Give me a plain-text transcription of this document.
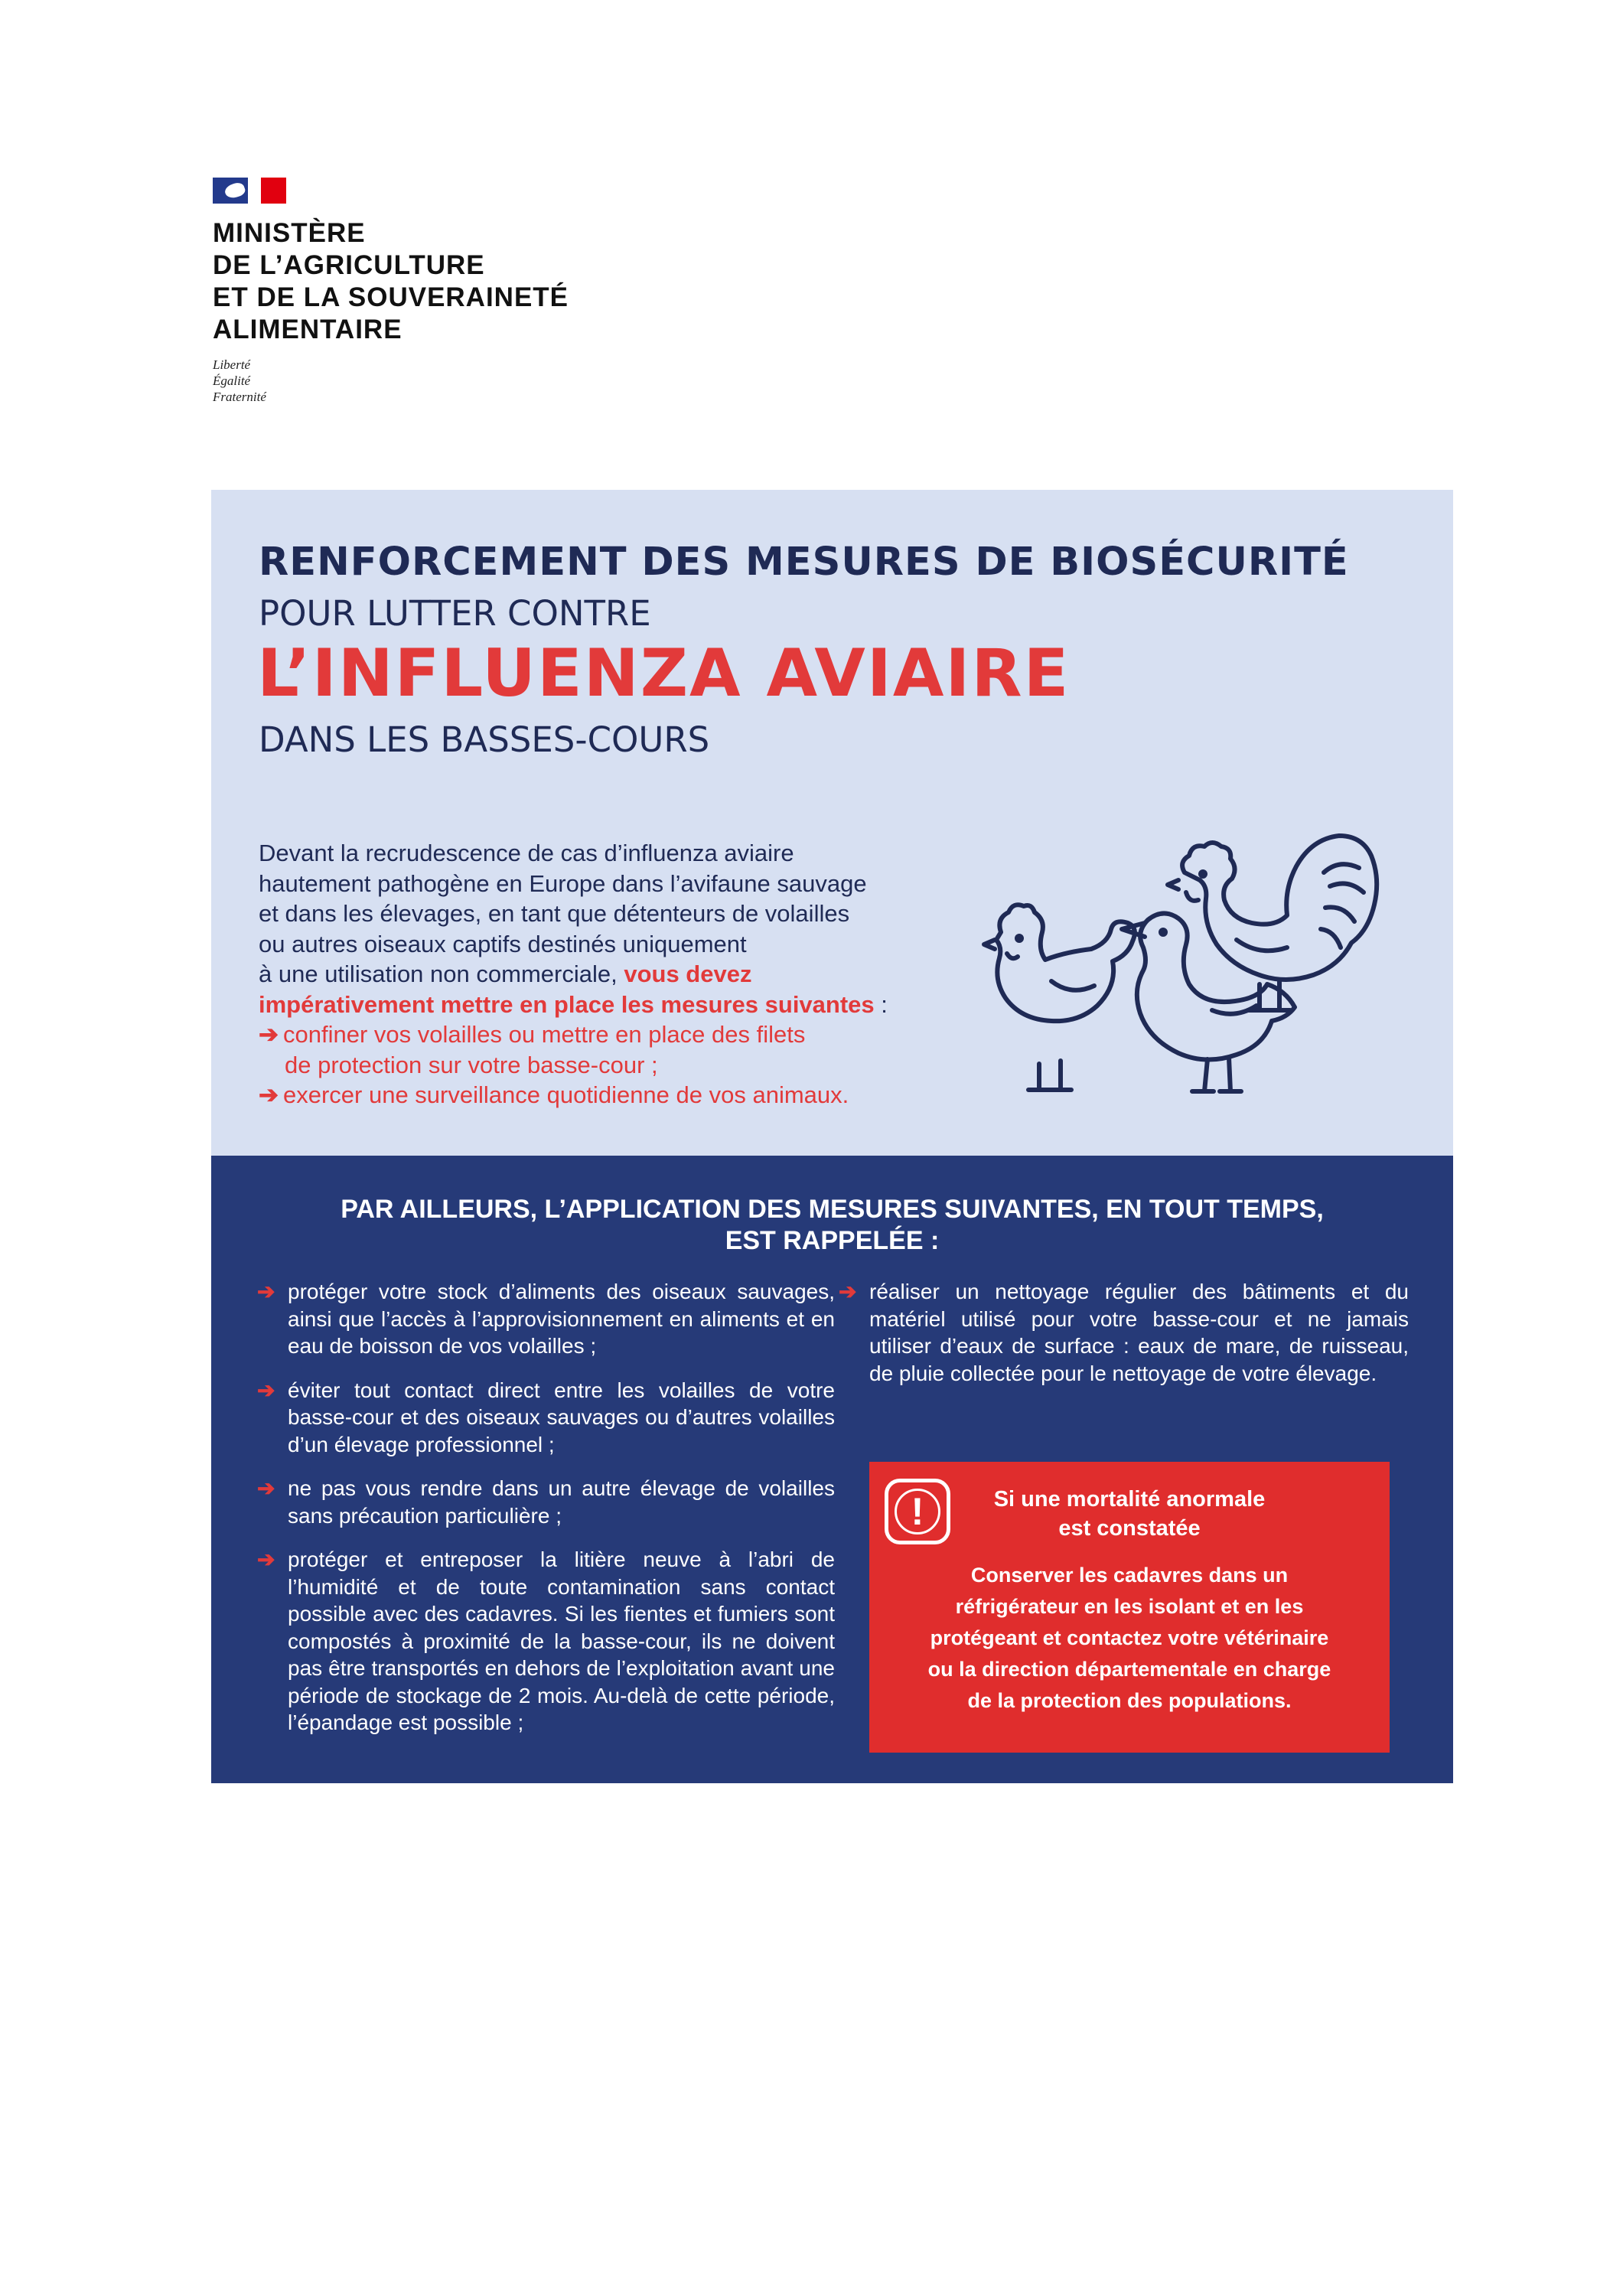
MINISTÈRE
DE L’AGRICULTURE
ET DE LA SOUVERAINETÉ
ALIMENTAIRE
Liberté
Égalité
Fraternité
RENFORCEMENT DES MESURES DE BIOSÉCURITÉ
POUR LUTTER CONTRE
L’INFLUENZA AVIAIRE
DANS LES BASSES-COURS
Devant la recrudescence de cas d’influenza aviaire
hautement pathogène en Europe dans l’avifaune sauvage
et dans les élevages, en tant que détenteurs de volailles
ou autres oiseaux captifs destinés uniquement
à une utilisation non commerciale, vous devez
impérativement mettre en place les mesures suivantes :
➔ confiner vos volailles ou mettre en place des filets
de protection sur votre basse-cour ;
➔ exercer une surveillance quotidienne de vos animaux.
PAR AILLEURS, L’APPLICATION DES MESURES SUIVANTES, EN TOUT TEMPS,
EST RAPPELÉE :
➔ protéger votre stock d’aliments des oiseaux sauvages, ainsi que l’accès à l’approvisionnement en aliments et en eau de boisson de vos volailles ;
➔ éviter tout contact direct entre les volailles de votre basse-cour et des oiseaux sauvages ou d’autres volailles d’un élevage professionnel ;
➔ ne pas vous rendre dans un autre élevage de volailles sans précaution particulière ;
➔ protéger et entreposer la litière neuve à l’abri de l’humidité et de toute contamination sans contact possible avec des cadavres. Si les fientes et fumiers sont compostés à proximité de la basse-cour, ils ne doivent pas être transportés en dehors de l’exploitation avant une période de stockage de 2 mois. Au-delà de cette période, l’épandage est possible ;
➔ réaliser un nettoyage régulier des bâtiments et du matériel utilisé pour votre basse-cour et ne jamais utiliser d’eaux de surface : eaux de mare, de ruisseau, de pluie collectée pour le nettoyage de votre élevage.
!	Si une mortalité anormale
est constatée
Conserver les cadavres dans un
réfrigérateur en les isolant et en les
protégeant et contactez votre vétérinaire
ou la direction départementale en charge
de la protection des populations.
